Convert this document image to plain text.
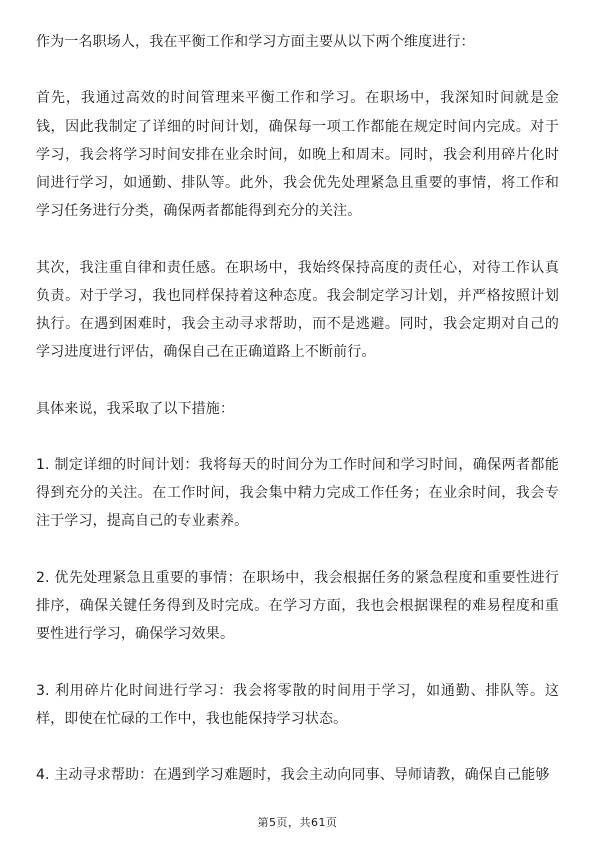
作为一名职场人，我在平衡工作和学习方面主要从以下两个维度进行：

首先，我通过高效的时间管理来平衡工作和学习。在职场中，我深知时间就是金钱，因此我制定了详细的时间计划，确保每一项工作都能在规定时间内完成。对于学习，我会将学习时间安排在业余时间，如晚上和周末。同时，我会利用碎片化时间进行学习，如通勤、排队等。此外，我会优先处理紧急且重要的事情，将工作和学习任务进行分类，确保两者都能得到充分的关注。

其次，我注重自律和责任感。在职场中，我始终保持高度的责任心，对待工作认真负责。对于学习，我也同样保持着这种态度。我会制定学习计划，并严格按照计划执行。在遇到困难时，我会主动寻求帮助，而不是逃避。同时，我会定期对自己的学习进度进行评估，确保自己在正确道路上不断前行。

具体来说，我采取了以下措施：

1. 制定详细的时间计划：我将每天的时间分为工作时间和学习时间，确保两者都能得到充分的关注。在工作时间，我会集中精力完成工作任务；在业余时间，我会专注于学习，提高自己的专业素养。

2. 优先处理紧急且重要的事情：在职场中，我会根据任务的紧急程度和重要性进行排序，确保关键任务得到及时完成。在学习方面，我也会根据课程的难易程度和重要性进行学习，确保学习效果。

3. 利用碎片化时间进行学习：我会将零散的时间用于学习，如通勤、排队等。这样，即使在忙碌的工作中，我也能保持学习状态。

4. 主动寻求帮助：在遇到学习难题时，我会主动向同事、导师请教，确保自己能够

第5页，共61页
